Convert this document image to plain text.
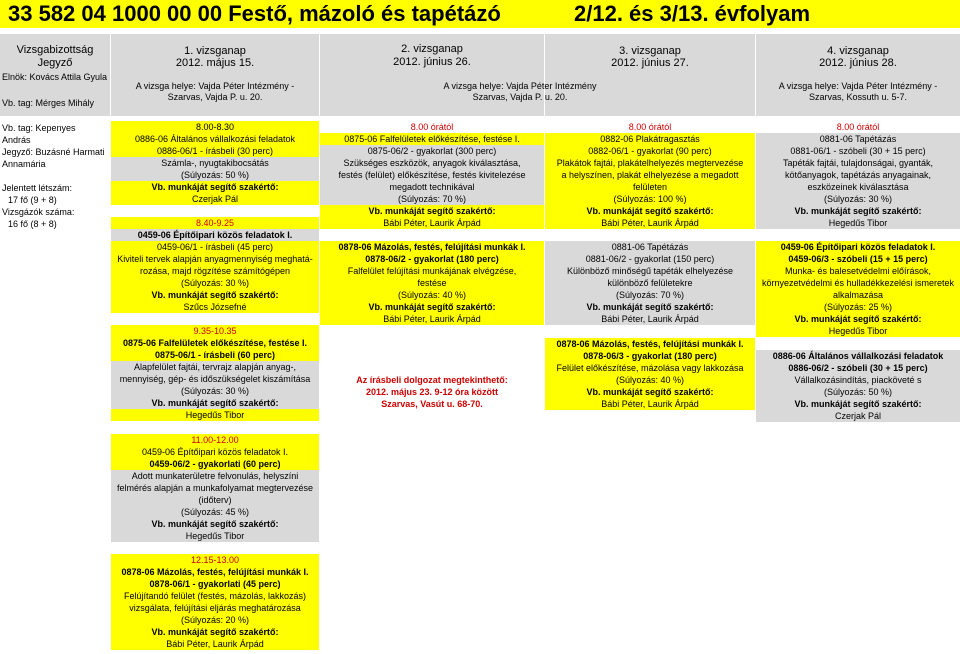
33 582 04 1000 00 00 Festő, mázoló és tapétázó	2/12. és 3/13. évfolyam
Vizsgabizottság
Jegyző
Elnök: Kovács Attila Gyula
Vb. tag: Mérges Mihály
1. vizsganap
2012. május 15.
A vizsga helye: Vajda Péter Intézmény -
Szarvas, Vajda P. u. 20.
2. vizsganap
2012. június 26.
3. vizsganap
2012. június 27.
A vizsga helye: Vajda Péter Intézmény
Szarvas, Vajda P. u. 20.
4. vizsganap
2012. június 28.
A vizsga helye: Vajda Péter Intézmény -
Szarvas, Kossuth u. 5-7.
Vb. tag: Kepenyes
András
Jegyző: Buzásné Harmati
Annamária
Jelentett létszám:
17 fő (9 + 8)
Vizsgázók száma:
16 fő (8 + 8)
8.00-8.30
0886-06 Általános vállalkozási feladatok
0886-06/1 - írásbeli (30 perc)
Számla-, nyugtakibocsátás
(Súlyozás: 50 %)
Vb. munkáját segítő szakértő:
Czerjak Pál
8.40-9.25
0459-06 Építőipari közös feladatok I.
0459-06/1 - írásbeli (45 perc)
Kiviteli tervek alapján anyagmennyiség meghatá-
rozása, majd rögzítése számítógépen
(Súlyozás: 30 %)
Vb. munkáját segítő szakértő:
Szűcs Józsefné
9.35-10.35
0875-06 Falfelületek előkészítése, festése I.
0875-06/1 - írásbeli (60 perc)
Alapfelület fajtái, tervrajz alapján anyag-,
mennyiség, gép- és időszükségelet kiszámítása
(Súlyozás: 30 %)
Vb. munkáját segítő szakértő:
Hegedűs Tibor
11.00-12.00
0459-06 Építőipari közös feladatok I.
0459-06/2 - gyakorlati (60 perc)
Adott munkaterületre felvonulás, helyszíni
felmérés alapján a munkafolyamat megtervezése
(időterv)
(Súlyozás: 45 %)
Vb. munkáját segítő szakértő:
Hegedűs Tibor
12.15-13.00
0878-06 Mázolás, festés, felújítási munkák I.
0878-06/1 - gyakorlati (45 perc)
Felújítandó felület (festés, mázolás, lakkozás)
vizsgálata, felújítási eljárás meghatározása
(Súlyozás: 20 %)
Vb. munkáját segítő szakértő:
Bábi Péter, Laurik Árpád
8.00 órától
0875-06 Falfelületek előkészítése, festése I.
0875-06/2 - gyakorlat (300 perc)
Szükséges eszközök, anyagok kiválasztása,
festés (felület) előkészítése, festés kivitelezése
megadott technikával
(Súlyozás: 70 %)
Vb. munkáját segítő szakértő:
Bábi Péter, Laurik Árpád
0878-06 Mázolás, festés, felújítási munkák I.
0878-06/2 - gyakorlat (180 perc)
Falfelület felújítási munkájának elvégzése,
festése
(Súlyozás: 40 %)
Vb. munkáját segítő szakértő:
Bábi Péter, Laurik Árpád
Az írásbeli dolgozat megtekinthető:
2012. május 23. 9-12 óra között
Szarvas, Vasút u. 68-70.
8.00 órától
0882-06 Plakátragasztás
0882-06/1 - gyakorlat (90 perc)
Plakátok fajtái, plakátelhelyezés megtervezése
a helyszínen, plakát elhelyezése a megadott
felületen
(Súlyozás: 100 %)
Vb. munkáját segítő szakértő:
Bábi Péter, Laurik Árpád
0881-06 Tapétázás
0881-06/2 - gyakorlat (150 perc)
Különböző minőségű tapéták elhelyezése
különböző felületekre
(Súlyozás: 70 %)
Vb. munkáját segítő szakértő:
Bábi Péter, Laurik Árpád
0878-06 Mázolás, festés, felújítási munkák I.
0878-06/3 - gyakorlat (180 perc)
Felület előkészítése, mázolása vagy lakkozása
(Súlyozás: 40 %)
Vb. munkáját segítő szakértő:
Bábi Péter, Laurik Árpád
8.00 órától
0881-06 Tapétázás
0881-06/1 - szóbeli (30 + 15 perc)
Tapéták fajtái, tulajdonságai, gyanták,
kötőanyagok, tapétázás anyagainak,
eszközeinek kiválasztása
(Súlyozás: 30 %)
Vb. munkáját segítő szakértő:
Hegedűs Tibor
0459-06 Építőipari közös feladatok I.
0459-06/3 - szóbeli (15 + 15 perc)
Munka- és balesetvédelmi előírások,
környezetvédelmi és hulladékkezelési ismeretek
alkalmazása
(Súlyozás: 25 %)
Vb. munkáját segítő szakértő:
Hegedűs Tibor
0886-06 Általános vállalkozási feladatok
0886-06/2 - szóbeli (30 + 15 perc)
Vállalkozásindítás, piacköveté s
(Súlyozás: 50 %)
Vb. munkáját segítő szakértő:
Czerjak Pál
